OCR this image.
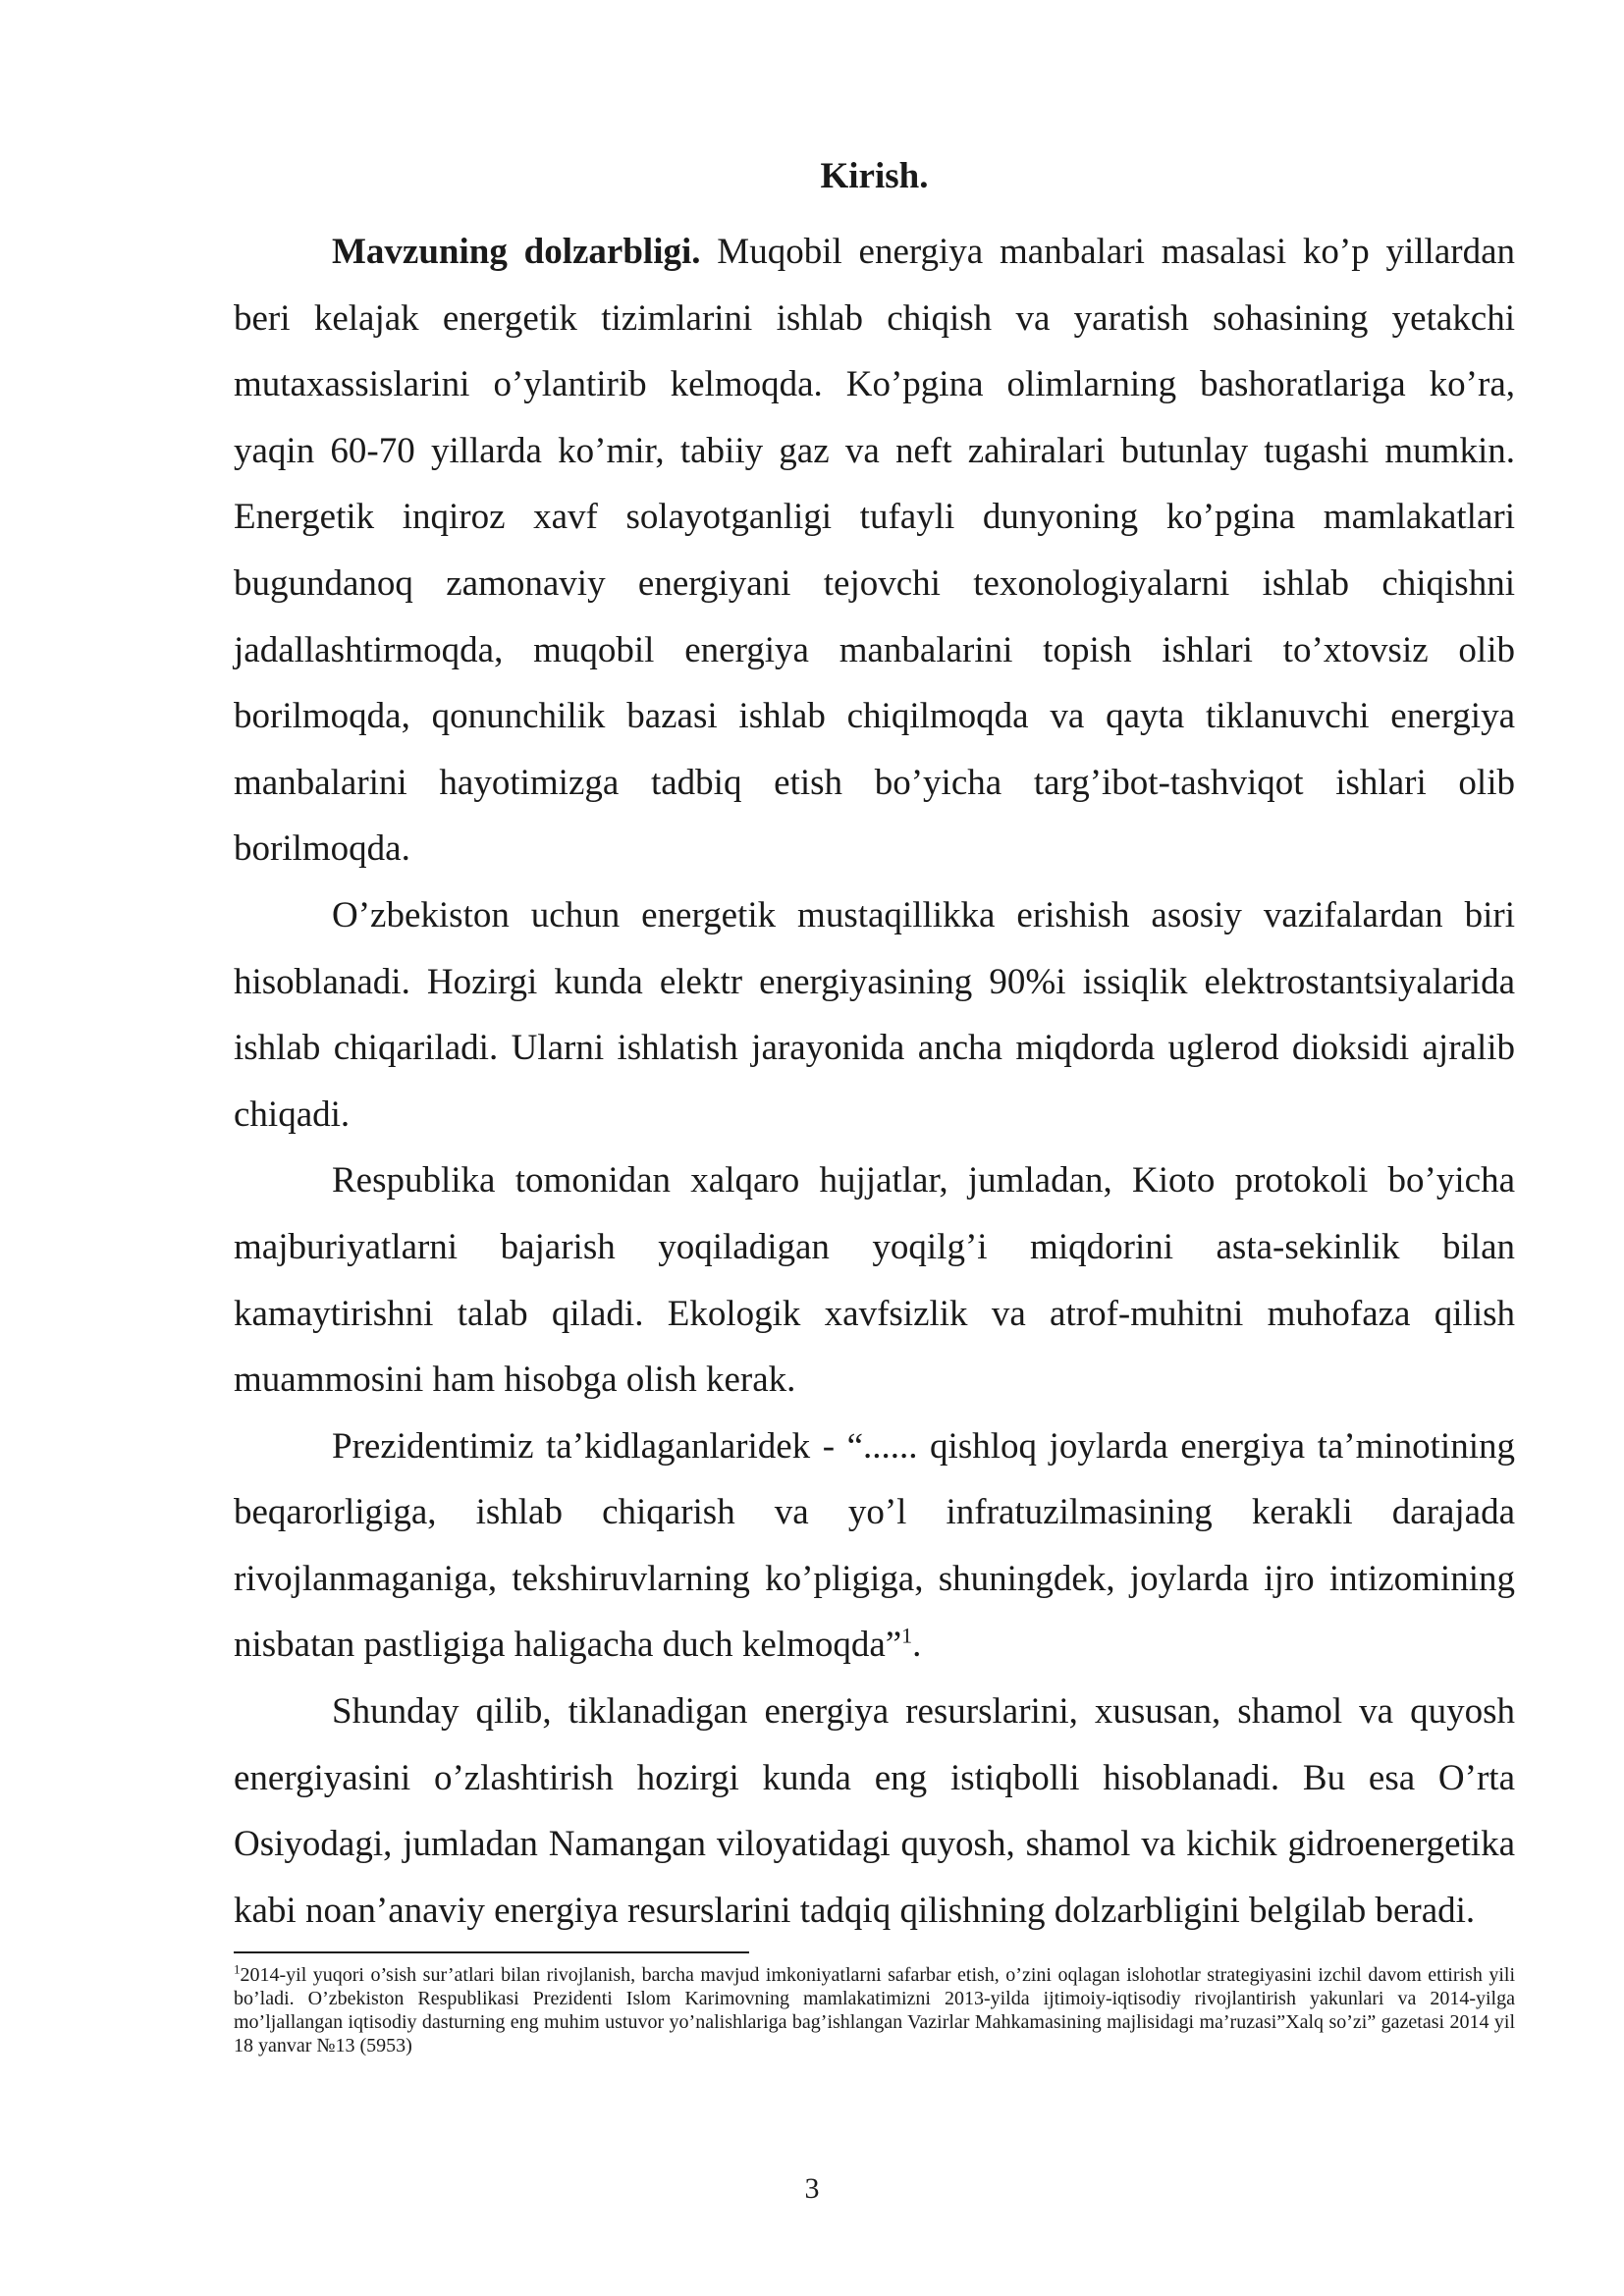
Kirish.

Mavzuning dolzarbligi. Muqobil energiya manbalari masalasi ko’p yillardan beri kelajak energetik tizimlarini ishlab chiqish va yaratish sohasining yetakchi mutaxassislarini o’ylantirib kelmoqda. Ko’pgina olimlarning bashoratlariga ko’ra, yaqin 60-70 yillarda ko’mir, tabiiy gaz va neft zahiralari butunlay tugashi mumkin. Energetik inqiroz xavf solayotganligi tufayli dunyoning ko’pgina mamlakatlari bugundanoq zamonaviy energiyani tejovchi texonologiyalarni ishlab chiqishni jadallashtirmoqda, muqobil energiya manbalarini topish ishlari to’xtovsiz olib borilmoqda, qonunchilik bazasi ishlab chiqilmoqda va qayta tiklanuvchi energiya manbalarini hayotimizga tadbiq etish bo’yicha targ’ibot-tashviqot ishlari olib borilmoqda.

O’zbekiston uchun energetik mustaqillikka erishish asosiy vazifalardan biri hisoblanadi. Hozirgi kunda elektr energiyasining 90%i issiqlik elektrostantsiyalarida ishlab chiqariladi. Ularni ishlatish jarayonida ancha miqdorda uglerod dioksidi ajralib chiqadi.

Respublika tomonidan xalqaro hujjatlar, jumladan, Kioto protokoli bo’yicha majburiyatlarni bajarish yoqiladigan yoqilg’i miqdorini asta-sekinlik bilan kamaytirishni talab qiladi. Ekologik xavfsizlik va atrof-muhitni muhofaza qilish muammosini ham hisobga olish kerak.

Prezidentimiz ta’kidlaganlaridek - “...... qishloq joylarda energiya ta’minotining beqarorligiga, ishlab chiqarish va yo’l infratuzilmasining kerakli darajada rivojlanmaganiga, tekshiruvlarning ko’pligiga, shuningdek, joylarda ijro intizomining nisbatan pastligiga haligacha duch kelmoqda”$^1$.

Shunday qilib, tiklanadigan energiya resurslarini, xususan, shamol va quyosh energiyasini o’zlashtirish hozirgi kunda eng istiqbolli hisoblanadi. Bu esa O’rta Osiyodagi, jumladan Namangan viloyatidagi quyosh, shamol va kichik gidroenergetika kabi noan’anaviy energiya resurslarini tadqiq qilishning dolzarbligini belgilab beradi.

$^1$2014-yil yuqori o’sish sur’atlari bilan rivojlanish, barcha mavjud imkoniyatlarni safarbar etish, o’zini oqlagan islohotlar strategiyasini izchil davom ettirish yili bo’ladi. O’zbekiston Respublikasi Prezidenti Islom Karimovning mamlakatimizni 2013-yilda ijtimoiy-iqtisodiy rivojlantirish yakunlari va 2014-yilga mo’ljallangan iqtisodiy dasturning eng muhim ustuvor yo’nalishlariga bag’ishlangan Vazirlar Mahkamasining majlisidagi ma’ruzasi”Xalq so’zi” gazetasi 2014 yil 18 yanvar №13 (5953)

3
